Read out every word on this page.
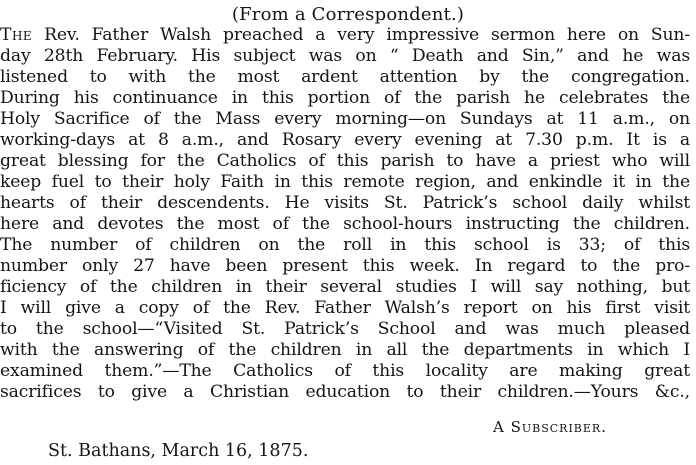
(From a Correspondent.)
The Rev. Father Walsh preached a very impressive sermon here on Sun-
day 28th February. His subject was on “ Death and Sin,” and he was
listened to with the most ardent attention by the congregation.
During his continuance in this portion of the parish he celebrates the
Holy Sacrifice of the Mass every morning—on Sundays at 11 a.m., on
working-days at 8 a.m., and Rosary every evening at 7.30 p.m. It is a
great blessing for the Catholics of this parish to have a priest who will
keep fuel to their holy Faith in this remote region, and enkindle it in the
hearts of their descendents. He visits St. Patrick’s school daily whilst
here and devotes the most of the school-hours instructing the children.
The number of children on the roll in this school is 33; of this
number only 27 have been present this week. In regard to the pro-
ficiency of the children in their several studies I will say nothing, but
I will give a copy of the Rev. Father Walsh’s report on his first visit
to the school—“Visited St. Patrick’s School and was much pleased
with the answering of the children in all the departments in which I
examined them.”—The Catholics of this locality are making great
sacrifices to give a Christian education to their children.—Yours &c.,
A Subscriber.
St. Bathans, March 16, 1875.
